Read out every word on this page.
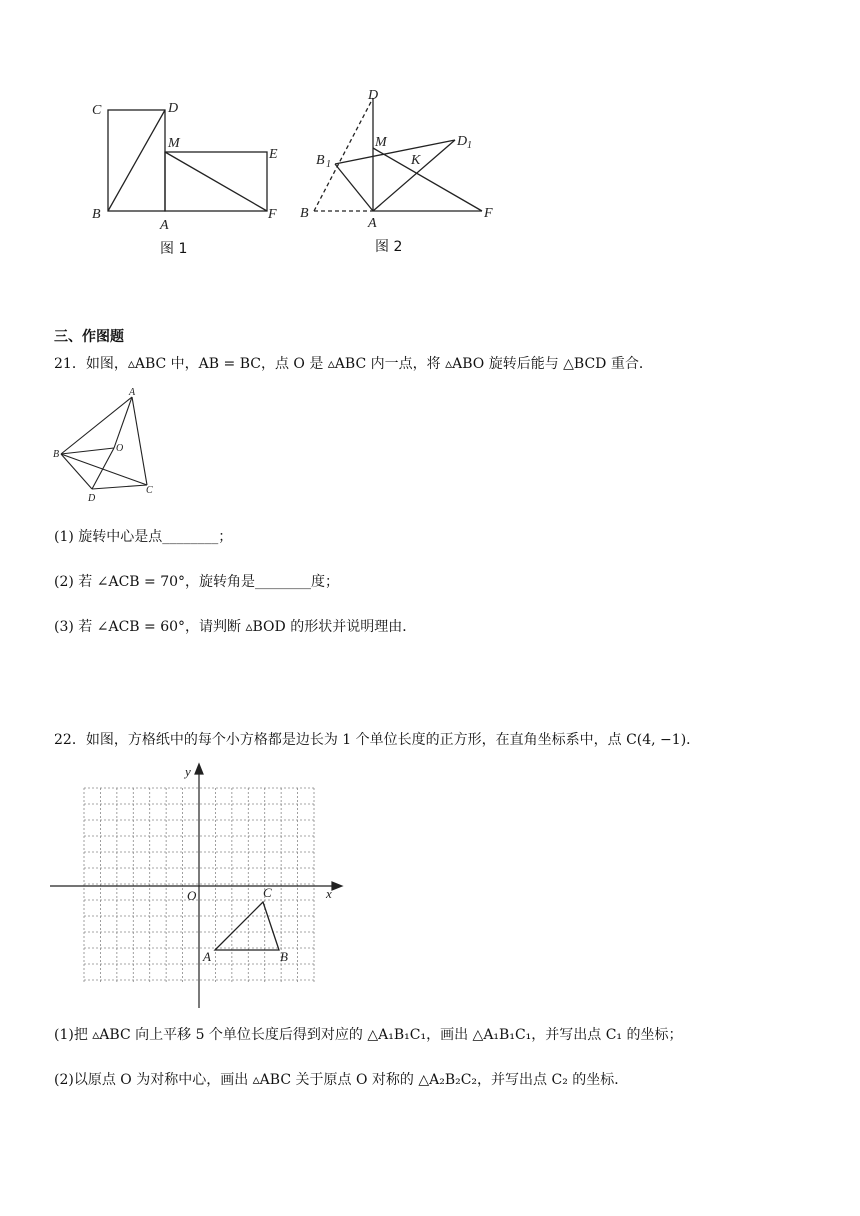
C	D
M
E
B
A
F
图 1
D
M	D 1
B 1	K
B
A
F
图 2
三、作图题
21．如图，▵ABC 中，AB = BC，点 O 是 ▵ABC 内一点，将 ▵ABO 旋转后能与 △BCD 重合．
A
B
O
D
C
(1) 旋转中心是点________；
(2) 若 ∠ACB = 70°，旋转角是________度；
(3) 若 ∠ACB = 60°，请判断 ▵BOD 的形状并说明理由．
22．如图，方格纸中的每个小方格都是边长为 1 个单位长度的正方形，在直角坐标系中，点 C(4, −1)．
y
x
O	C
A	B
(1)把 ▵ABC 向上平移 5 个单位长度后得到对应的 △A₁B₁C₁，画出 △A₁B₁C₁，并写出点 C₁ 的坐标；
(2)以原点 O 为对称中心，画出 ▵ABC 关于原点 O 对称的 △A₂B₂C₂，并写出点 C₂ 的坐标．
